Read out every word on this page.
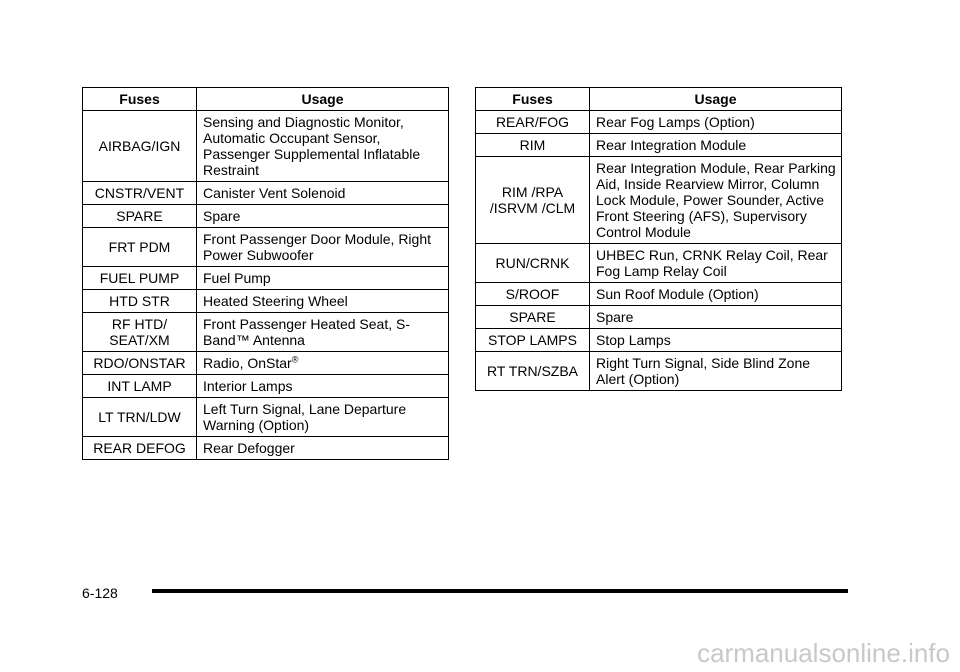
Fuses	Usage
AIRBAG/IGN	Sensing and Diagnostic Monitor, Automatic Occupant Sensor, Passenger Supplemental Inflatable Restraint
CNSTR/VENT	Canister Vent Solenoid
SPARE	Spare
FRT PDM	Front Passenger Door Module, Right Power Subwoofer
FUEL PUMP	Fuel Pump
HTD STR	Heated Steering Wheel
RF HTD/ SEAT/XM	Front Passenger Heated Seat, S-Band™ Antenna
RDO/ONSTAR	Radio, OnStar®
INT LAMP	Interior Lamps
LT TRN/LDW	Left Turn Signal, Lane Departure Warning (Option)
REAR DEFOG	Rear Defogger
Fuses	Usage
REAR/FOG	Rear Fog Lamps (Option)
RIM	Rear Integration Module
RIM /RPA /ISRVM /CLM	Rear Integration Module, Rear Parking Aid, Inside Rearview Mirror, Column Lock Module, Power Sounder, Active Front Steering (AFS), Supervisory Control Module
RUN/CRNK	UHBEC Run, CRNK Relay Coil, Rear Fog Lamp Relay Coil
S/ROOF	Sun Roof Module (Option)
SPARE	Spare
STOP LAMPS	Stop Lamps
RT TRN/SZBA	Right Turn Signal, Side Blind Zone Alert (Option)
6-128
carmanualsonline.info
